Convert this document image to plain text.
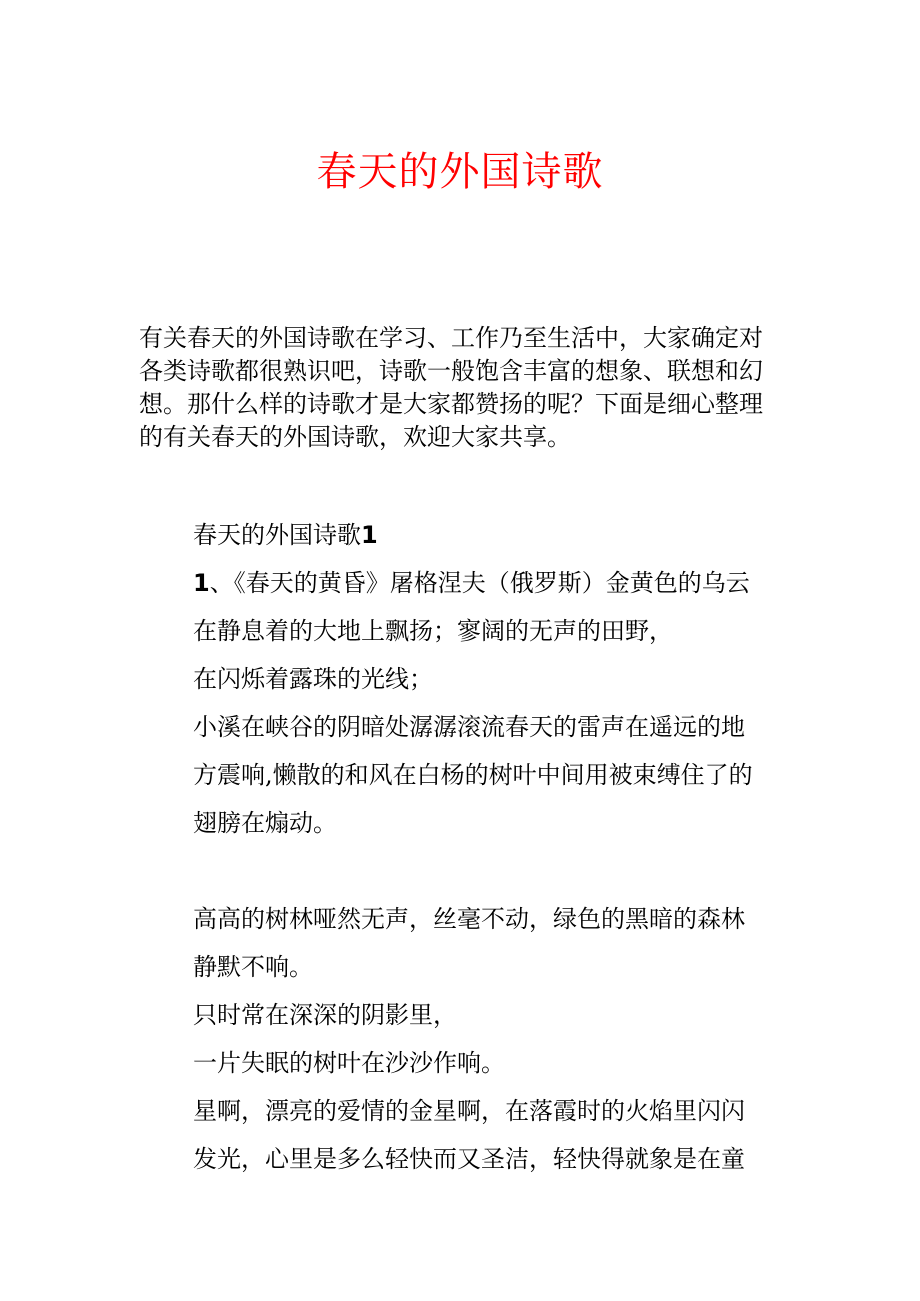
春天的外国诗歌
有关春天的外国诗歌在学习、工作乃至生活中，大家确定对
各类诗歌都很熟识吧，诗歌一般饱含丰富的想象、联想和幻
想。那什么样的诗歌才是大家都赞扬的呢？下面是细心整理
的有关春天的外国诗歌，欢迎大家共享。
春天的外国诗歌1
1、《春天的黄昏》屠格涅夫（俄罗斯）金黄色的乌云
在静息着的大地上飘扬；寥阔的无声的田野，
在闪烁着露珠的光线；
小溪在峡谷的阴暗处潺潺滚流春天的雷声在遥远的地
方震响,懒散的和风在白杨的树叶中间用被束缚住了的
翅膀在煽动。
高高的树林哑然无声，丝毫不动，绿色的黑暗的森林
静默不响。
只时常在深深的阴影里，
一片失眠的树叶在沙沙作响。
星啊，漂亮的爱情的金星啊，在落霞时的火焰里闪闪
发光，心里是多么轻快而又圣洁，轻快得就象是在童
